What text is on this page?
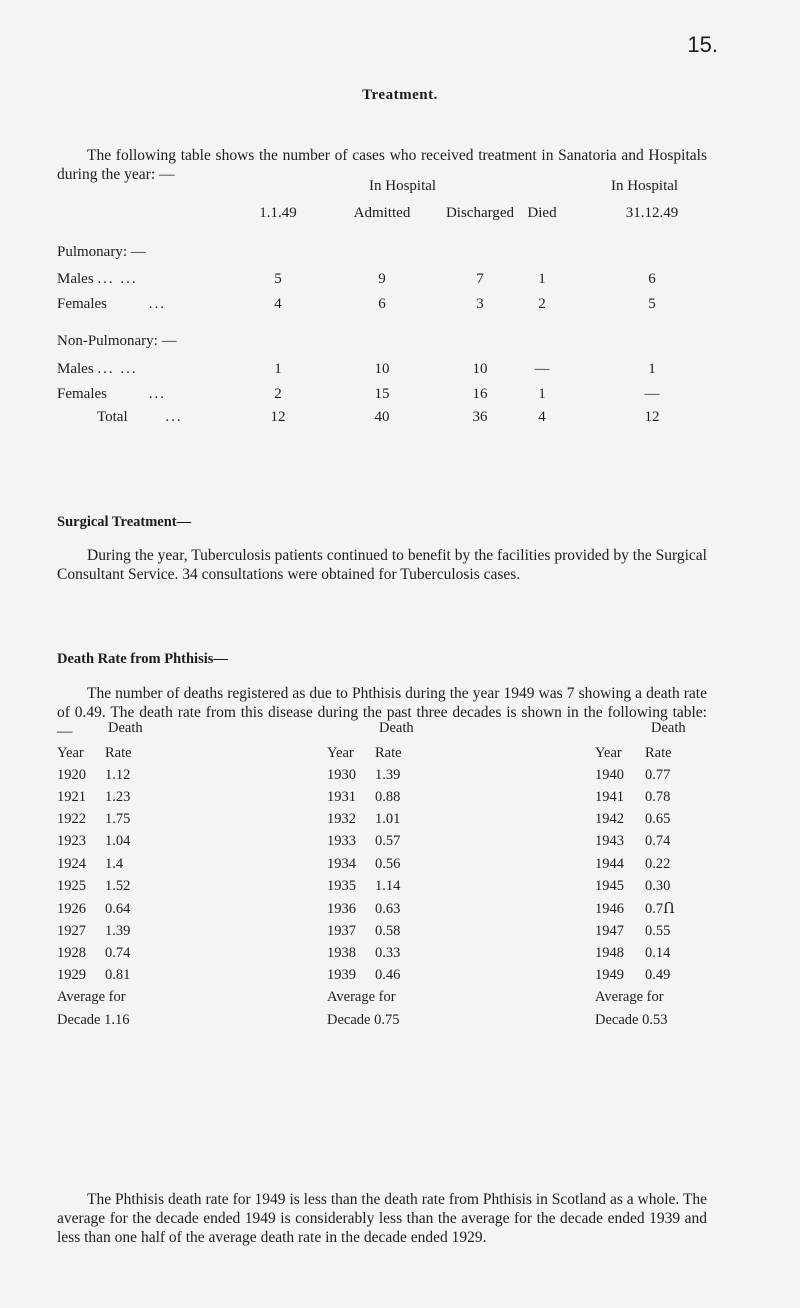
15.
Treatment.
The following table shows the number of cases who received treatment in Sanatoria and Hospitals during the year: —
In Hospital	In Hospital
1.1.49	Admitted	Discharged Died	31.12.49
Pulmonary: —
Males ... ...	5	9	7	1	6
Females	...	4	6	3	2	5
Non-Pulmonary: —
Males ... ...	1	10	10	—	1
Females	...	2	15	16	1	—
Total	...	12	40	36	4	12
Surgical Treatment—
During the year, Tuberculosis patients continued to benefit by the facilities provided by the Surgical Consultant Service. 34 consultations were obtained for Tuberculosis cases.
Death Rate from Phthisis—
The number of deaths registered as due to Phthisis during the year 1949 was 7 showing a death rate of 0.49. The death rate from this disease during the past three decades is shown in the following table: —	Death
Year Rate
1920 1.12
1921 1.23
1922 1.75
1923 1.04
1924 1.4
1925 1.52
1926 0.64
1927 1.39
1928 0.74
1929 0.81
Average for
Decade 1.16
Death
Year Rate
1930 1.39
1931 0.88
1932 1.01
1933 0.57
1934 0.56
1935 1.14
1936 0.63
1937 0.58
1938 0.33
1939 0.46
Average for
Decade 0.75
Death
Year Rate
1940 0.77
1941 0.78
1942 0.65
1943 0.74
1944 0.22
1945 0.30
1946 0.7Ո
1947 0.55
1948 0.14
1949 0.49
Average for
Decade 0.53
The Phthisis death rate for 1949 is less than the death rate from Phthisis in Scotland as a whole. The average for the decade ended 1949 is considerably less than the average for the decade ended 1939 and less than one half of the average death rate in the decade ended 1929.
